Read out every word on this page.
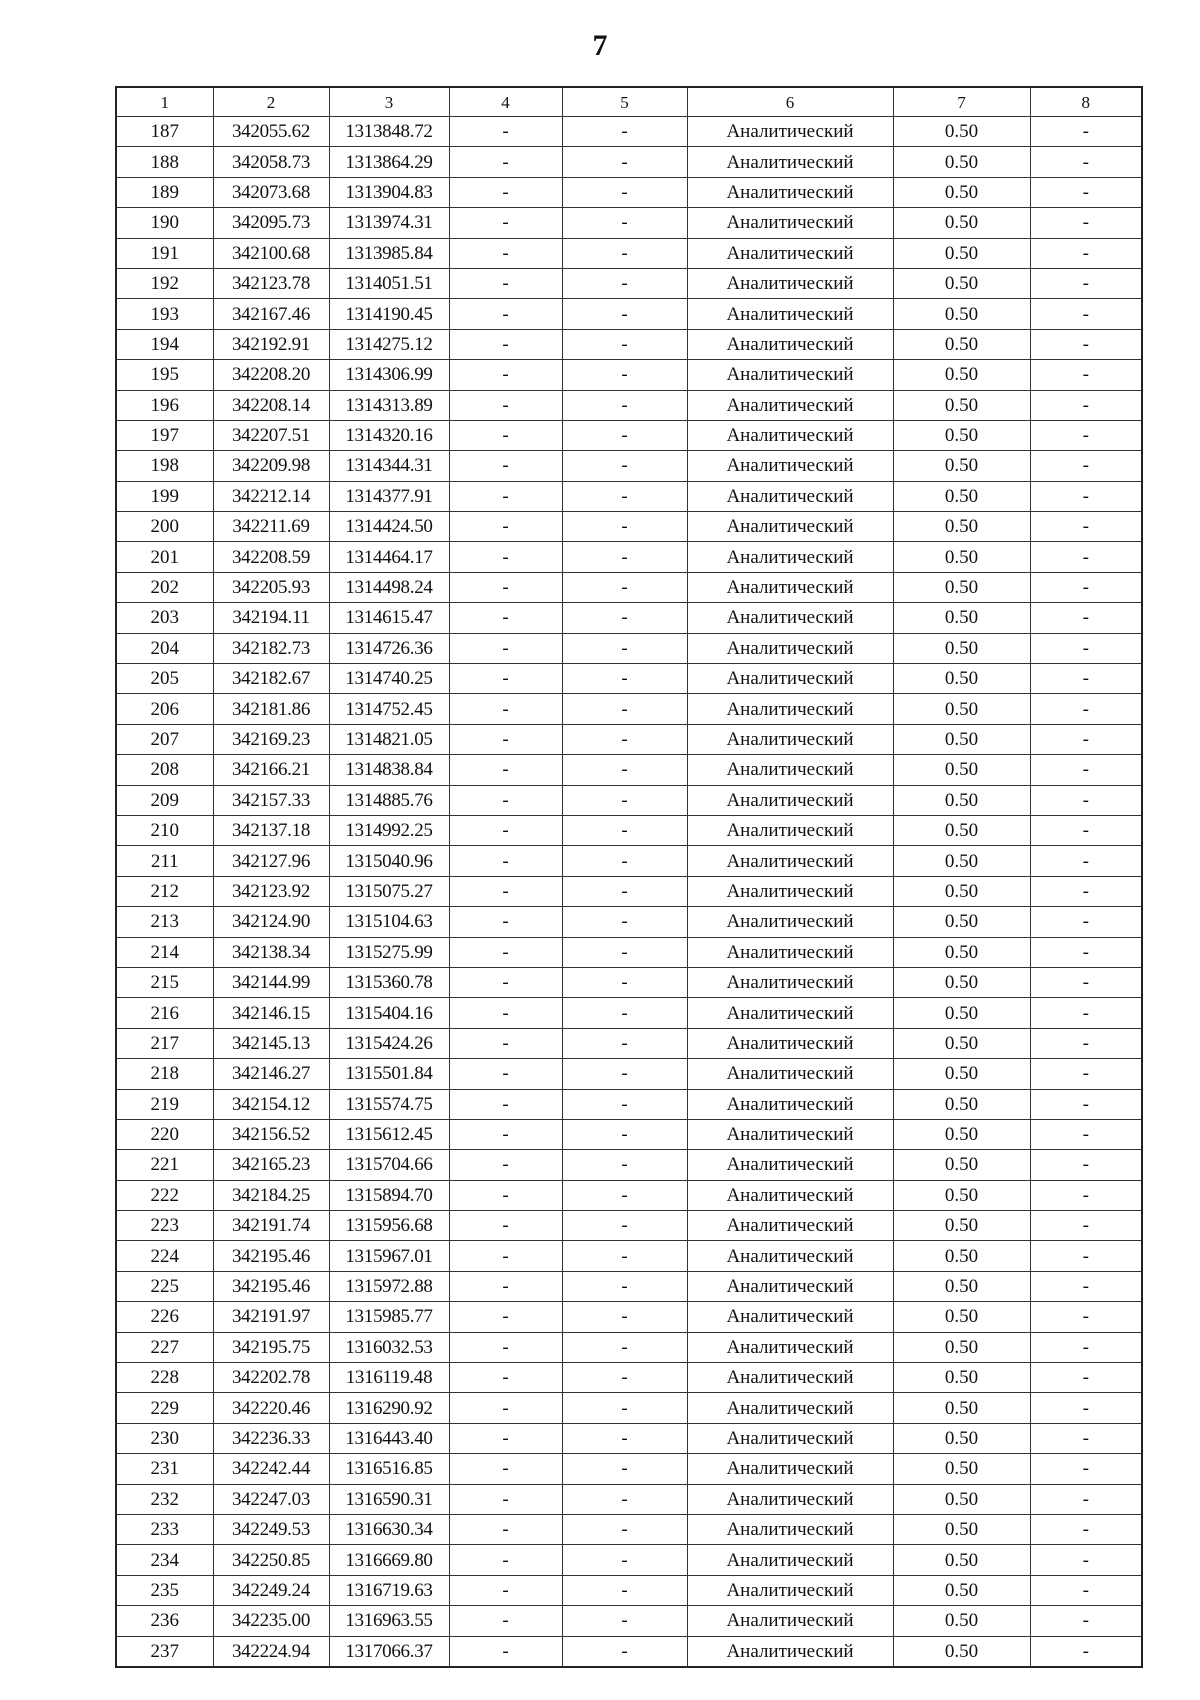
7
1	2	3	4	5	6	7	8
187	342055.62	1313848.72	-	-	Аналитический	0.50	-
188	342058.73	1313864.29	-	-	Аналитический	0.50	-
189	342073.68	1313904.83	-	-	Аналитический	0.50	-
190	342095.73	1313974.31	-	-	Аналитический	0.50	-
191	342100.68	1313985.84	-	-	Аналитический	0.50	-
192	342123.78	1314051.51	-	-	Аналитический	0.50	-
193	342167.46	1314190.45	-	-	Аналитический	0.50	-
194	342192.91	1314275.12	-	-	Аналитический	0.50	-
195	342208.20	1314306.99	-	-	Аналитический	0.50	-
196	342208.14	1314313.89	-	-	Аналитический	0.50	-
197	342207.51	1314320.16	-	-	Аналитический	0.50	-
198	342209.98	1314344.31	-	-	Аналитический	0.50	-
199	342212.14	1314377.91	-	-	Аналитический	0.50	-
200	342211.69	1314424.50	-	-	Аналитический	0.50	-
201	342208.59	1314464.17	-	-	Аналитический	0.50	-
202	342205.93	1314498.24	-	-	Аналитический	0.50	-
203	342194.11	1314615.47	-	-	Аналитический	0.50	-
204	342182.73	1314726.36	-	-	Аналитический	0.50	-
205	342182.67	1314740.25	-	-	Аналитический	0.50	-
206	342181.86	1314752.45	-	-	Аналитический	0.50	-
207	342169.23	1314821.05	-	-	Аналитический	0.50	-
208	342166.21	1314838.84	-	-	Аналитический	0.50	-
209	342157.33	1314885.76	-	-	Аналитический	0.50	-
210	342137.18	1314992.25	-	-	Аналитический	0.50	-
211	342127.96	1315040.96	-	-	Аналитический	0.50	-
212	342123.92	1315075.27	-	-	Аналитический	0.50	-
213	342124.90	1315104.63	-	-	Аналитический	0.50	-
214	342138.34	1315275.99	-	-	Аналитический	0.50	-
215	342144.99	1315360.78	-	-	Аналитический	0.50	-
216	342146.15	1315404.16	-	-	Аналитический	0.50	-
217	342145.13	1315424.26	-	-	Аналитический	0.50	-
218	342146.27	1315501.84	-	-	Аналитический	0.50	-
219	342154.12	1315574.75	-	-	Аналитический	0.50	-
220	342156.52	1315612.45	-	-	Аналитический	0.50	-
221	342165.23	1315704.66	-	-	Аналитический	0.50	-
222	342184.25	1315894.70	-	-	Аналитический	0.50	-
223	342191.74	1315956.68	-	-	Аналитический	0.50	-
224	342195.46	1315967.01	-	-	Аналитический	0.50	-
225	342195.46	1315972.88	-	-	Аналитический	0.50	-
226	342191.97	1315985.77	-	-	Аналитический	0.50	-
227	342195.75	1316032.53	-	-	Аналитический	0.50	-
228	342202.78	1316119.48	-	-	Аналитический	0.50	-
229	342220.46	1316290.92	-	-	Аналитический	0.50	-
230	342236.33	1316443.40	-	-	Аналитический	0.50	-
231	342242.44	1316516.85	-	-	Аналитический	0.50	-
232	342247.03	1316590.31	-	-	Аналитический	0.50	-
233	342249.53	1316630.34	-	-	Аналитический	0.50	-
234	342250.85	1316669.80	-	-	Аналитический	0.50	-
235	342249.24	1316719.63	-	-	Аналитический	0.50	-
236	342235.00	1316963.55	-	-	Аналитический	0.50	-
237	342224.94	1317066.37	-	-	Аналитический	0.50	-
